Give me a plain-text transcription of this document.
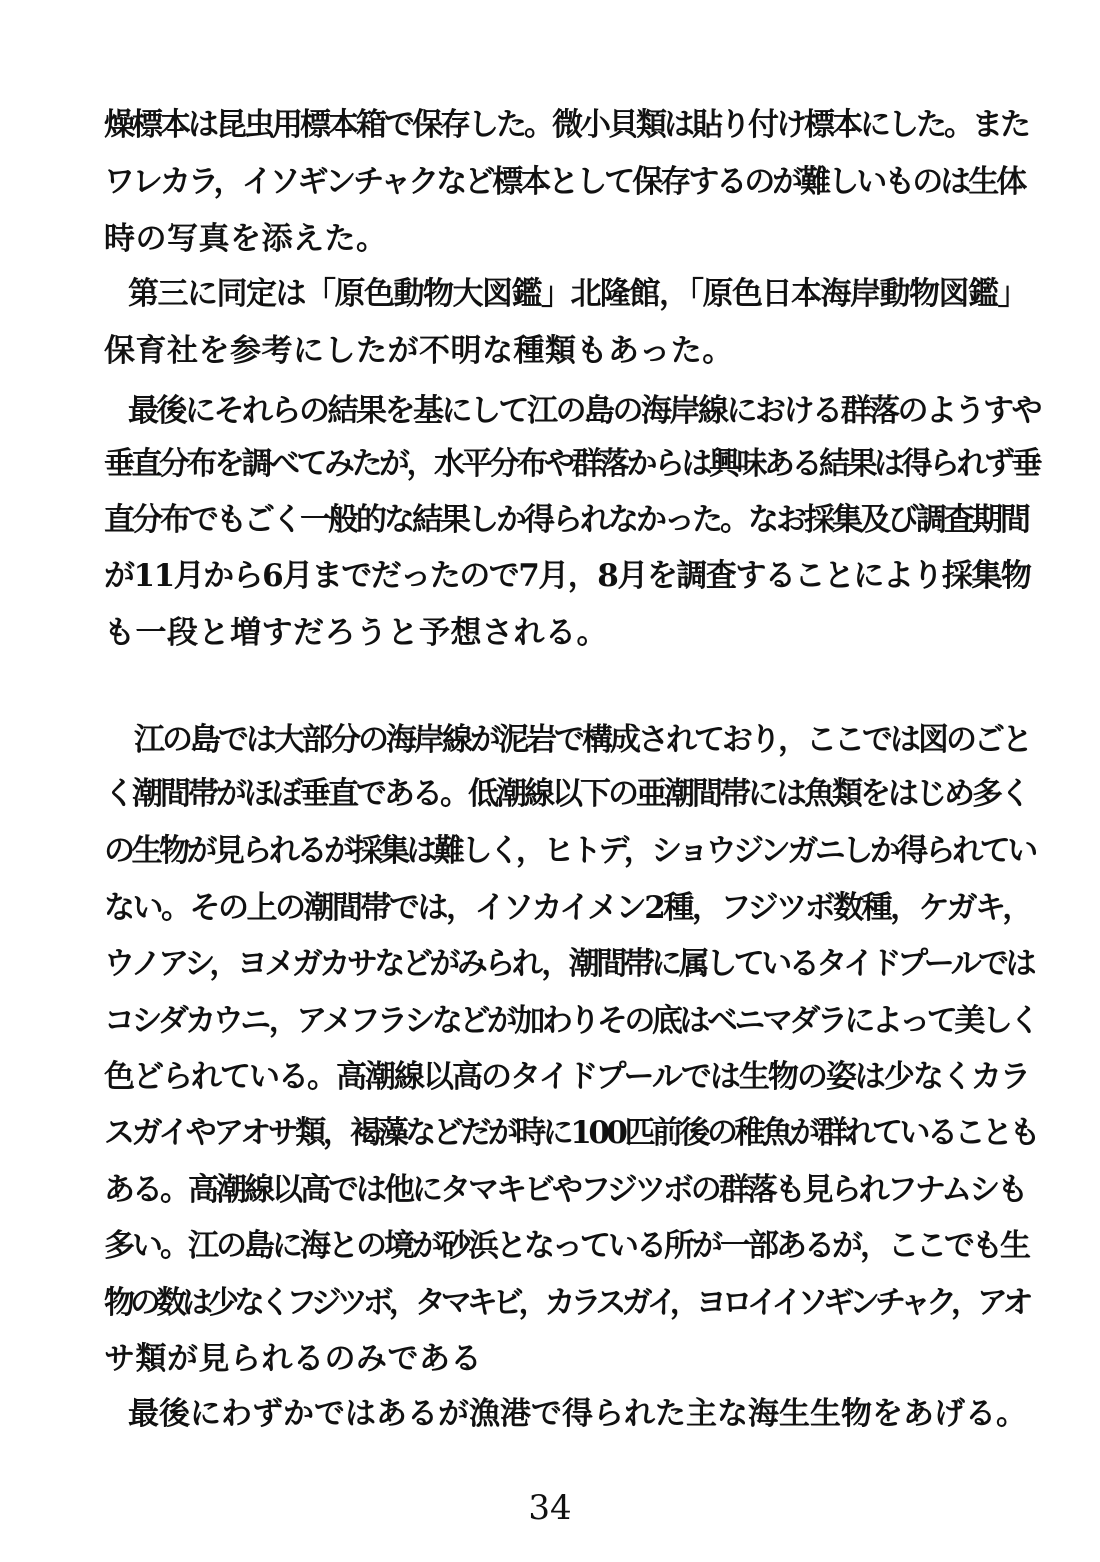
燥標本は昆虫用標本箱で保存した。微小貝類は貼り付け標本にした。また
ワレカラ，イソギンチャクなど標本として保存するのが難しいものは生体
時の写真を添えた。
第三に同定は「原色動物大図鑑」北隆館，「原色日本海岸動物図鑑」
保育社を参考にしたが不明な種類もあった。
最後にそれらの結果を基にして江の島の海岸線における群落のようすや
垂直分布を調べてみたが，水平分布や群落からは興味ある結果は得られず垂
直分布でもごく一般的な結果しか得られなかった。なお採集及び調査期間
が11月から6月までだったので7月，8月を調査することにより採集物
も一段と増すだろうと予想される。
江の島では大部分の海岸線が泥岩で構成されており，ここでは図のごと
く潮間帯がほぼ垂直である。低潮線以下の亜潮間帯には魚類をはじめ多く
の生物が見られるが採集は難しく，ヒトデ，ショウジンガニしか得られてい
ない。その上の潮間帯では，イソカイメン2種，フジツボ数種，ケガキ，
ウノアシ，ヨメガカサなどがみられ，潮間帯に属しているタイドプールでは
コシダカウニ，アメフラシなどが加わりその底はベニマダラによって美しく
色どられている。高潮線以高のタイドプールでは生物の姿は少なくカラ
スガイやアオサ類，褐藻などだが時に100匹前後の稚魚が群れていることも
ある。高潮線以高では他にタマキビやフジツボの群落も見られフナムシも
多い。江の島に海との境が砂浜となっている所が一部あるが，ここでも生
物の数は少なくフジツボ，タマキビ，カラスガイ，ヨロイイソギンチャク，アオ
サ類が見られるのみである
最後にわずかではあるが漁港で得られた主な海生生物をあげる。
34
